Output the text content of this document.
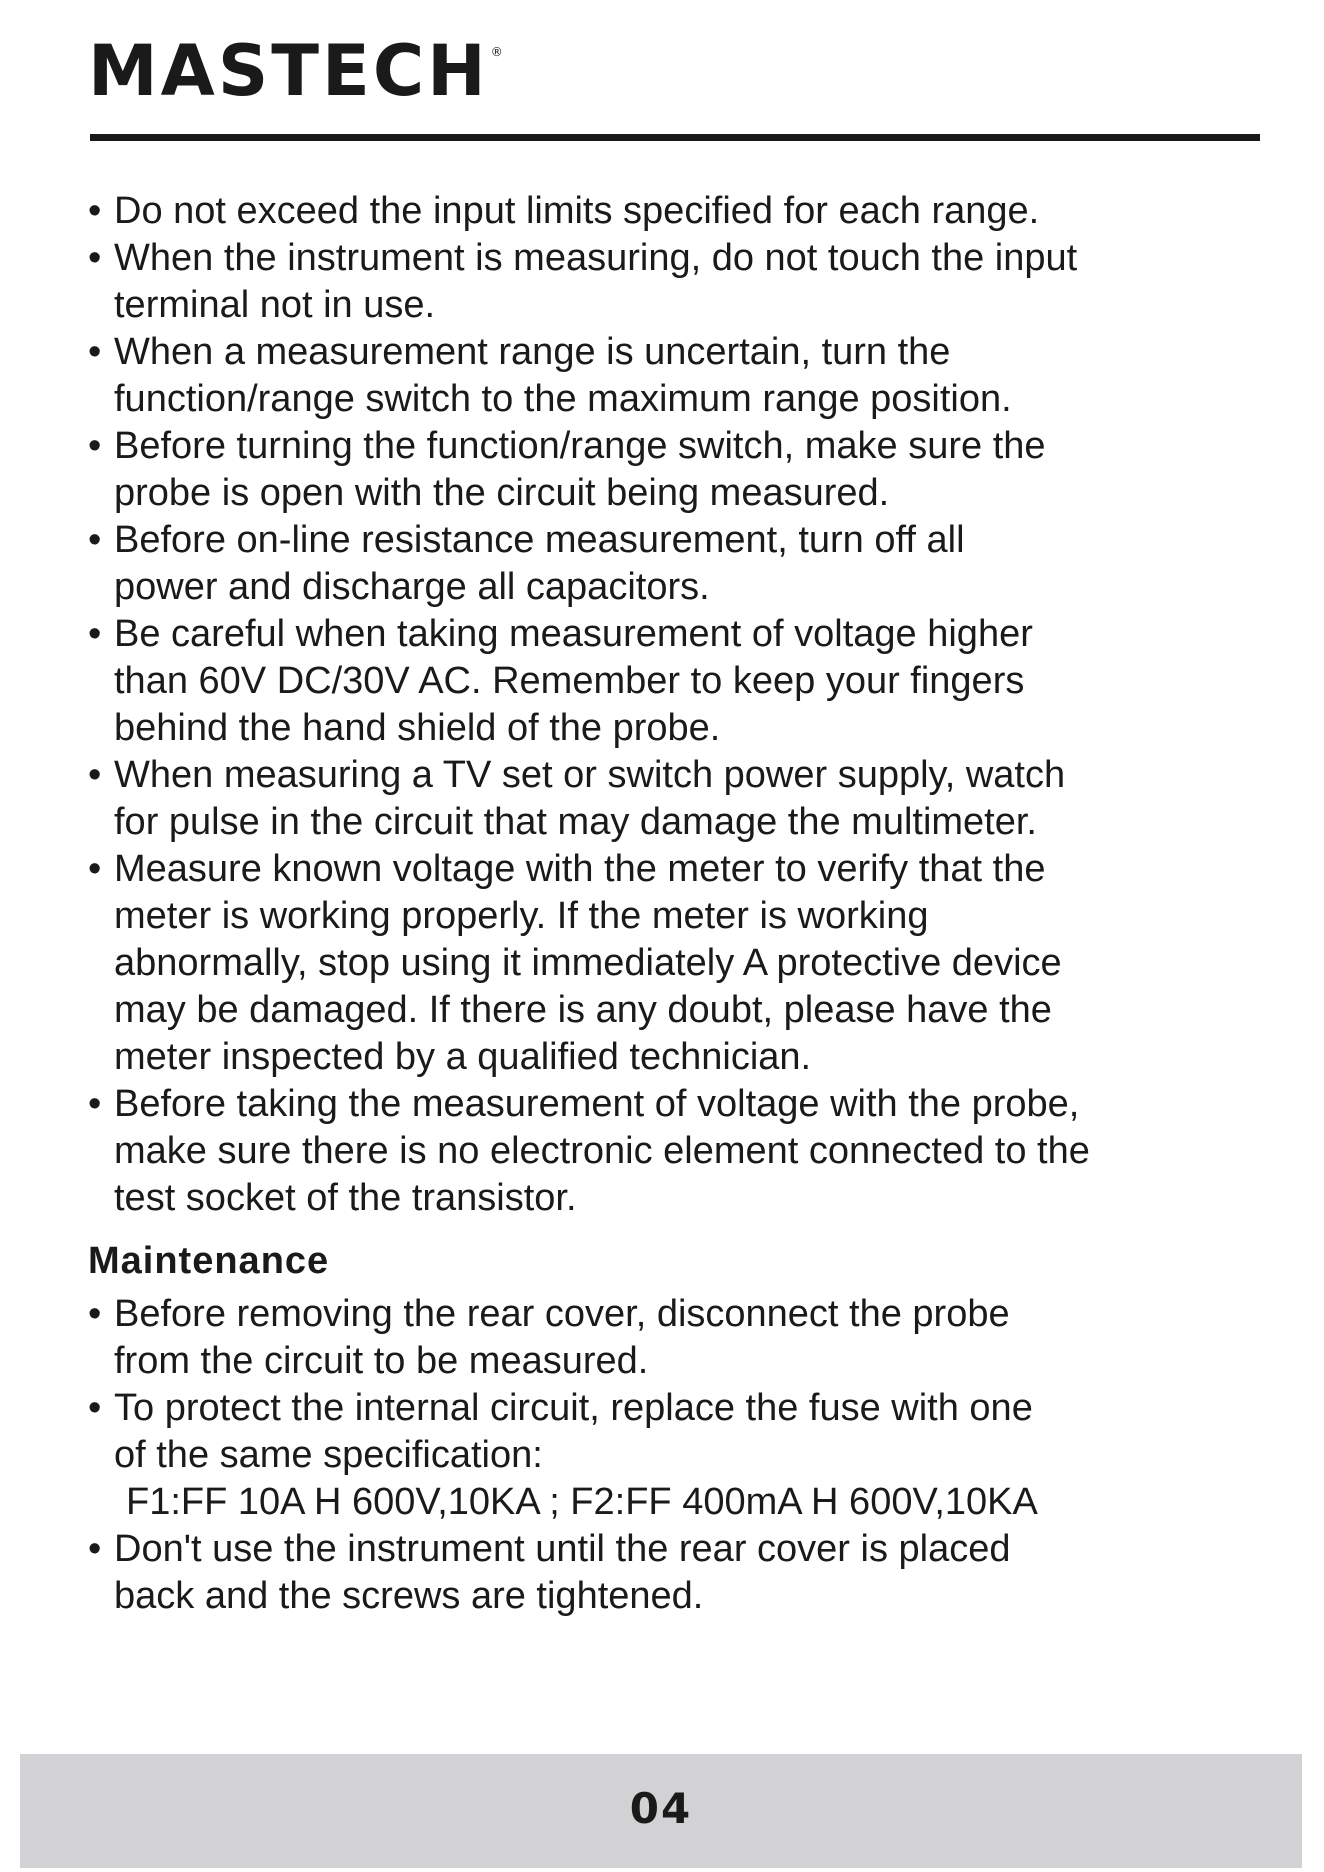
MASTECH ®
• Do not exceed the input limits specified for each range.
• When the instrument is measuring, do not touch the input
terminal not in use.
• When a measurement range is uncertain, turn the
function/range switch to the maximum range position.
• Before turning the function/range switch, make sure the
probe is open with the circuit being measured.
• Before on-line resistance measurement, turn off all
power and discharge all capacitors.
• Be careful when taking measurement of voltage higher
than 60V DC/30V AC. Remember to keep your fingers
behind the hand shield of the probe.
• When measuring a TV set or switch power supply, watch
for pulse in the circuit that may damage the multimeter.
• Measure known voltage with the meter to verify that the
meter is working properly. If the meter is working
abnormally, stop using it immediately A protective device
may be damaged. If there is any doubt, please have the
meter inspected by a qualified technician.
• Before taking the measurement of voltage with the probe,
make sure there is no electronic element connected to the
test socket of the transistor.
Maintenance
• Before removing the rear cover, disconnect the probe
from the circuit to be measured.
• To protect the internal circuit, replace the fuse with one
of the same specification:
F1:FF 10A H 600V,10KA ; F2:FF 400mA H 600V,10KA
• Don't use the instrument until the rear cover is placed
back and the screws are tightened.
04
